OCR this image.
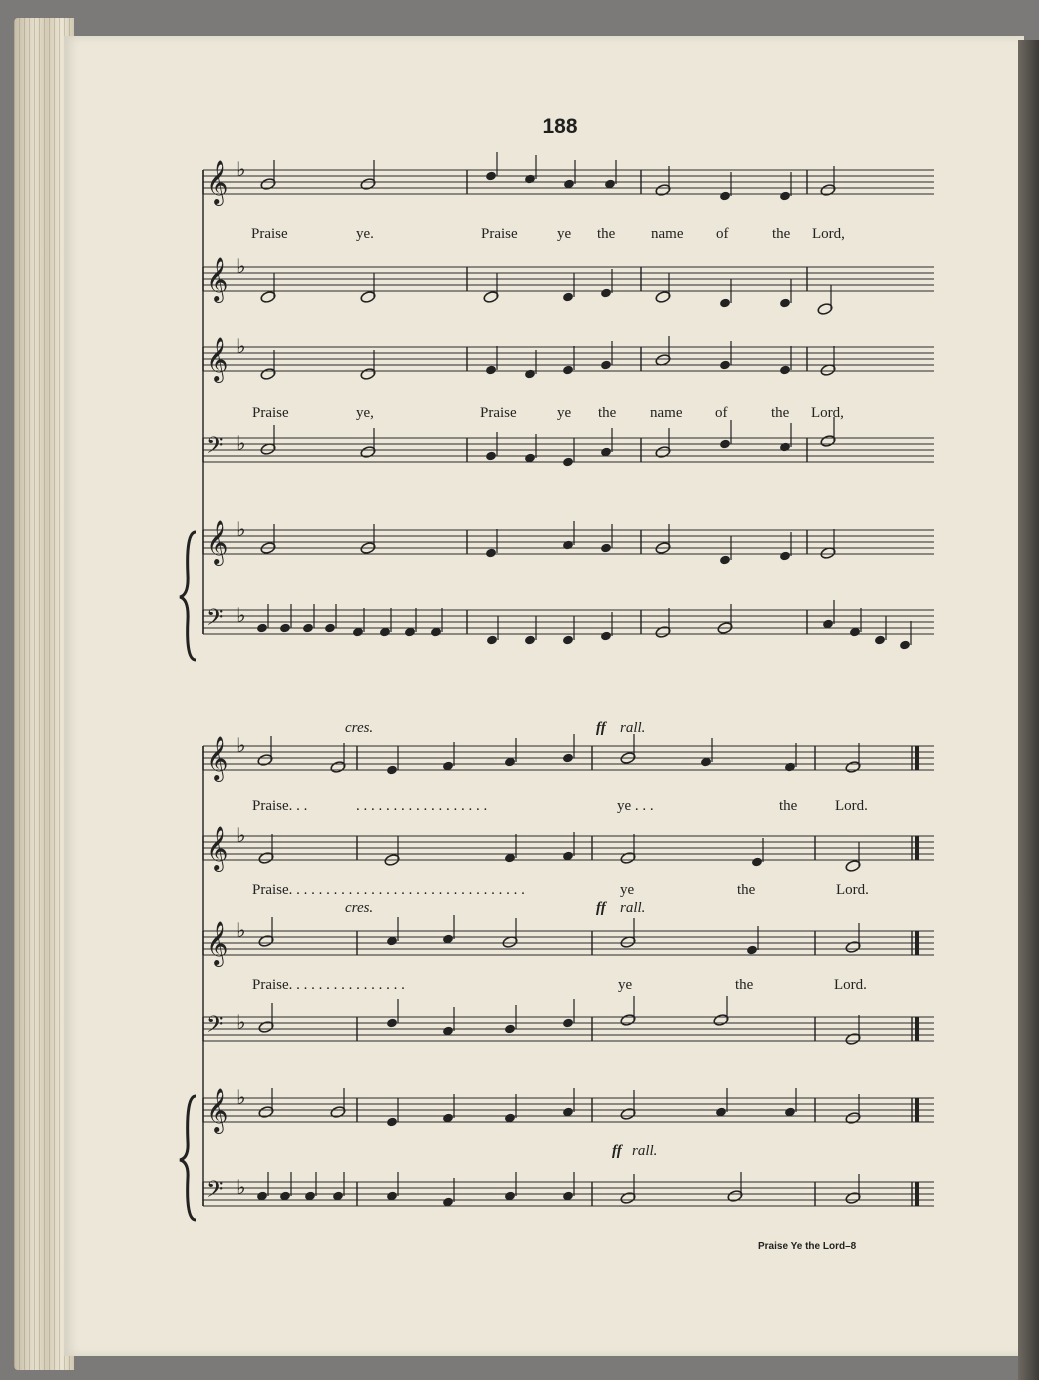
𝄞 ♭
𝄞 ♭
𝄞 ♭
𝄢 ♭
𝄞 ♭
𝄢 ♭
𝄞 ♭
𝄞 ♭
𝄞 ♭
𝄢 ♭
𝄞 ♭
𝄢 ♭
188
Praise	ye.	Praise	ye the name of	the Lord,
Praise	ye,	Praise	ye the name of	the Lord,
cres.	ff rall.
cres.	ff rall.
ff rall.
Praise. . .	. . . . . . . . . . . . . . . . . .	ye . . .	the	Lord.
Praise. . . . . . . . . . . . . . . . . . . . . . . . . . . . . . . .	ye	the	Lord.
Praise. . . . . . . . . . . . . . . .	ye	the	Lord.
Praise Ye the Lord–8
